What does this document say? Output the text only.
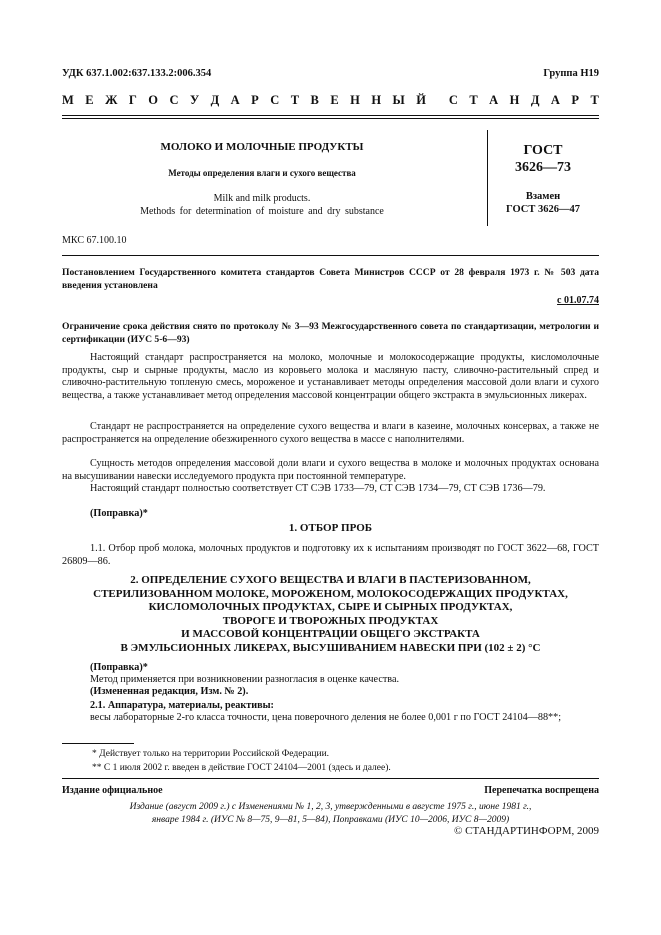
УДК 637.1.002:637.133.2:006.354	Группа Н19
М Е Ж Г О С У Д А Р С Т В Е Н Н Ы Й С Т А Н Д А Р Т
МОЛОКО И МОЛОЧНЫЕ ПРОДУКТЫ
Методы определения влаги и сухого вещества
Milk and milk products.
Methods for determination of moisture and dry substance
ГОСТ
3626—73
Взамен
ГОСТ 3626—47
МКС 67.100.10
Постановлением Государственного комитета стандартов Совета Министров СССР от 28 февраля 1973 г. № 503 дата введения установлена
с 01.07.74
Ограничение срока действия снято по протоколу № 3—93 Межгосударственного совета по стандартизации, метрологии и сертификации (ИУС 5-6—93)
Настоящий стандарт распространяется на молоко, молочные и молокосодержащие продукты, кисломолочные продукты, сыр и сырные продукты, масло из коровьего молока и масляную пасту, сливочно-растительный спред и сливочно-растительную топленую смесь, мороженое и устанавливает методы определения массовой доли влаги и сухого вещества, а также устанавливает метод определения массовой концентрации общего экстракта в эмульсионных ликерах.
Стандарт не распространяется на определение сухого вещества и влаги в казеине, молочных консервах, а также не распространяется на определение обезжиренного сухого вещества в массе с наполнителями.
Сущность методов определения массовой доли влаги и сухого вещества в молоке и молочных продуктах основана на высушивании навески исследуемого продукта при постоянной температуре.
Настоящий стандарт полностью соответствует СТ СЭВ 1733—79, СТ СЭВ 1734—79, СТ СЭВ 1736—79.
(Поправка)*
1. ОТБОР ПРОБ
1.1. Отбор проб молока, молочных продуктов и подготовку их к испытаниям производят по ГОСТ 3622—68, ГОСТ 26809—86.
2. ОПРЕДЕЛЕНИЕ СУХОГО ВЕЩЕСТВА И ВЛАГИ В ПАСТЕРИЗОВАННОМ,
СТЕРИЛИЗОВАННОМ МОЛОКЕ, МОРОЖЕНОМ, МОЛОКОСОДЕРЖАЩИХ ПРОДУКТАХ,
КИСЛОМОЛОЧНЫХ ПРОДУКТАХ, СЫРЕ И СЫРНЫХ ПРОДУКТАХ,
ТВОРОГЕ И ТВОРОЖНЫХ ПРОДУКТАХ
И МАССОВОЙ КОНЦЕНТРАЦИИ ОБЩЕГО ЭКСТРАКТА
В ЭМУЛЬСИОННЫХ ЛИКЕРАХ, ВЫСУШИВАНИЕМ НАВЕСКИ ПРИ (102 ± 2) °С
(Поправка)*
Метод применяется при возникновении разногласия в оценке качества.
(Измененная редакция, Изм. № 2).
2.1. Аппаратура, материалы, реактивы:
весы лабораторные 2-го класса точности, цена поверочного деления не более 0,001 г по ГОСТ 24104—88**;
* Действует только на территории Российской Федерации.
** С 1 июля 2002 г. введен в действие ГОСТ 24104—2001 (здесь и далее).
Издание официальное	Перепечатка воспрещена
Издание (август 2009 г.) с Изменениями № 1, 2, 3, утвержденными в августе 1975 г., июне 1981 г.,
январе 1984 г. (ИУС № 8—75, 9—81, 5—84), Поправками (ИУС 10—2006, ИУС 8—2009)
© СТАНДАРТИНФОРМ, 2009
